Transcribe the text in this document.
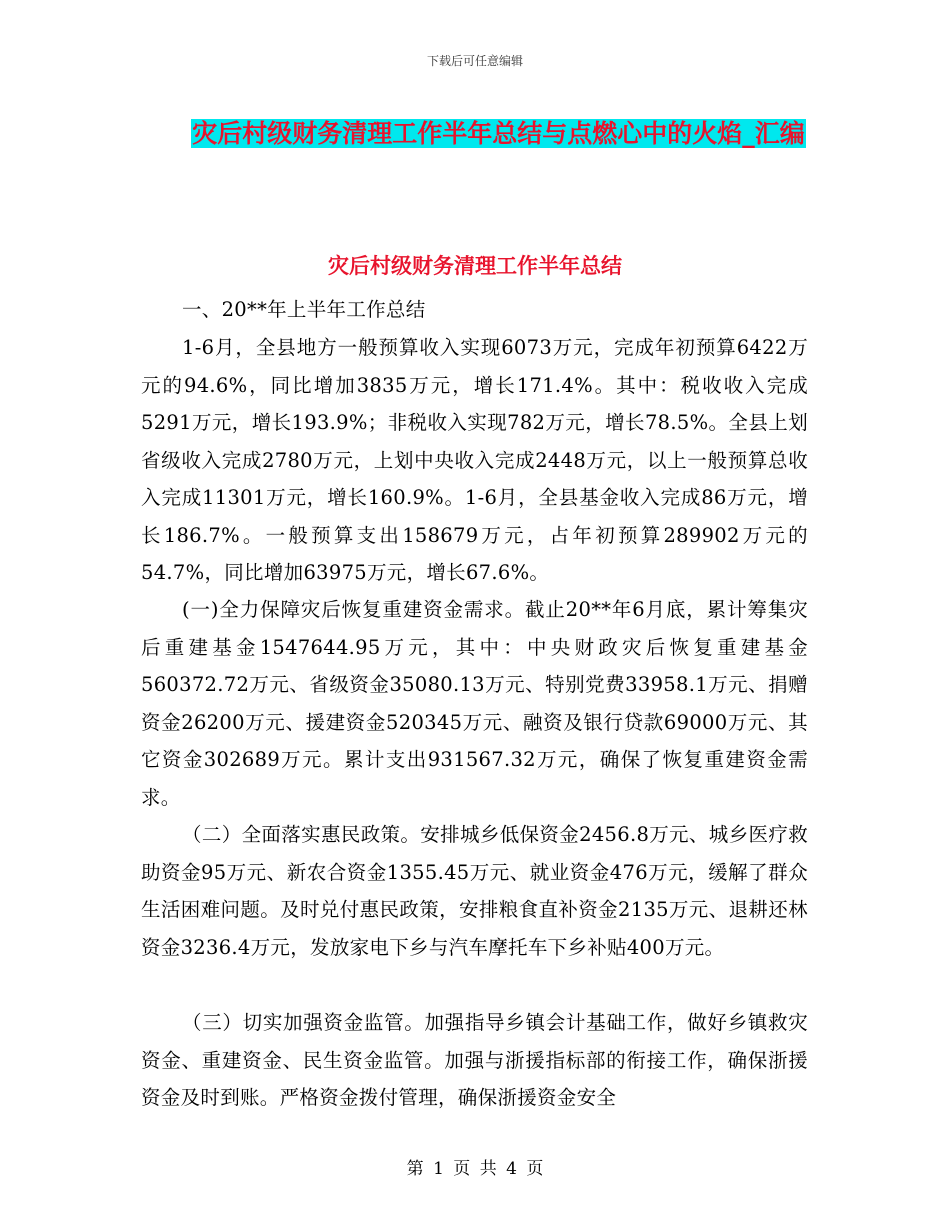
下载后可任意编辑
灾后村级财务清理工作半年总结与点燃心中的火焰_汇编
灾后村级财务清理工作半年总结

一、20**年上半年工作总结

1-6月，全县地方一般预算收入实现6073万元，完成年初预算6422万元的94.6%，同比增加3835万元，增长171.4%。其中：税收收入完成5291万元，增长193.9%；非税收入实现782万元，增长78.5%。全县上划省级收入完成2780万元，上划中央收入完成2448万元，以上一般预算总收入完成11301万元，增长160.9%。1-6月，全县基金收入完成86万元，增长186.7%。一般预算支出158679万元，占年初预算289902万元的54.7%，同比增加63975万元，增长67.6%。

(一)全力保障灾后恢复重建资金需求。截止20**年6月底，累计筹集灾后重建基金1547644.95万元，其中：中央财政灾后恢复重建基金560372.72万元、省级资金35080.13万元、特别党费33958.1万元、捐赠资金26200万元、援建资金520345万元、融资及银行贷款69000万元、其它资金302689万元。累计支出931567.32万元，确保了恢复重建资金需求。

（二）全面落实惠民政策。安排城乡低保资金2456.8万元、城乡医疗救助资金95万元、新农合资金1355.45万元、就业资金476万元，缓解了群众生活困难问题。及时兑付惠民政策，安排粮食直补资金2135万元、退耕还林资金3236.4万元，发放家电下乡与汽车摩托车下乡补贴400万元。

（三）切实加强资金监管。加强指导乡镇会计基础工作，做好乡镇救灾资金、重建资金、民生资金监管。加强与浙援指标部的衔接工作，确保浙援资金及时到账。严格资金拨付管理，确保浙援资金安全

第 1 页 共 4 页
